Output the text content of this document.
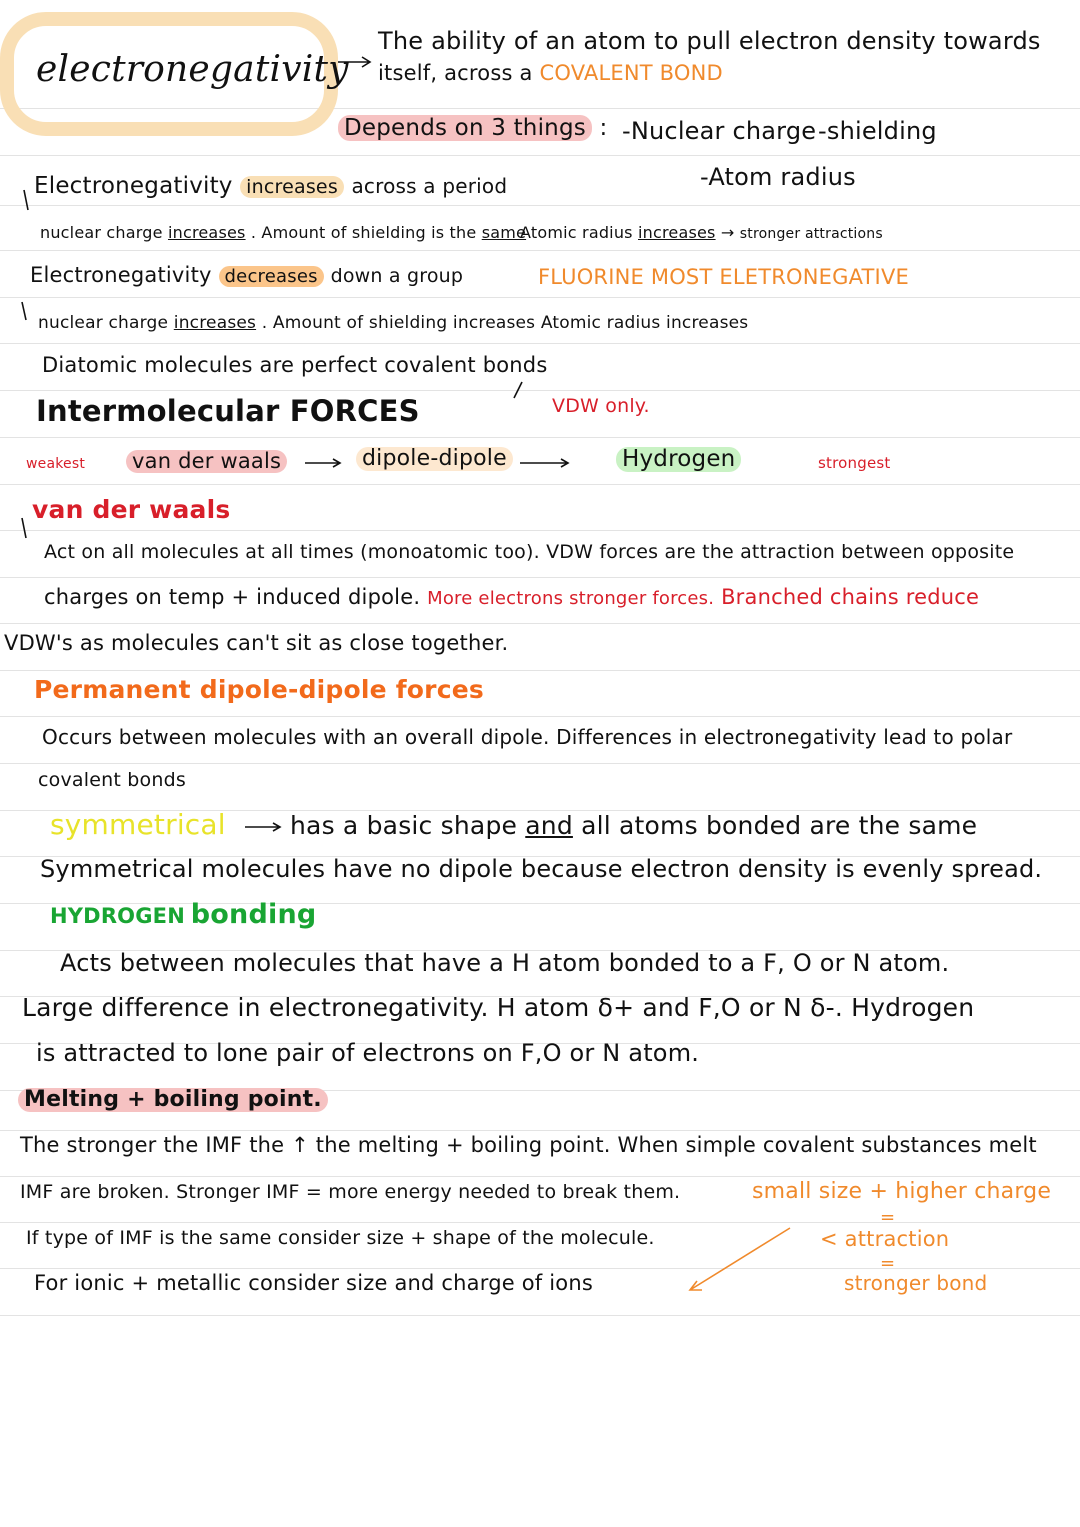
electronegativity
The ability of an atom to pull electron density towards
itself, across a COVALENT BOND
Depends on 3 things : -Nuclear charge -shielding
-Atom radius
Electronegativity increases across a period
nuclear charge increases . Amount of shielding is the same
Atomic radius increases → stronger attractions
Electronegativity decreases down a group	FLUORINE MOST ELETRONEGATIVE
nuclear charge increases . Amount of shielding increases Atomic radius increases
Diatomic molecules are perfect covalent bonds
VDW only.
Intermolecular FORCES
weakest van der waals	dipole-dipole	Hydrogen	strongest
van der waals
Act on all molecules at all times (monoatomic too). VDW forces are the attraction between opposite
charges on temp + induced dipole. More electrons stronger forces. Branched chains reduce
VDW's as molecules can't sit as close together.
Permanent dipole-dipole forces
Occurs between molecules with an overall dipole. Differences in electronegativity lead to polar
covalent bonds
symmetrical	has a basic shape and all atoms bonded are the same
Symmetrical molecules have no dipole because electron density is evenly spread.
HYDROGEN bonding
Acts between molecules that have a H atom bonded to a F, O or N atom.
Large difference in electronegativity. H atom δ+ and F,O or N δ-. Hydrogen
is attracted to lone pair of electrons on F,O or N atom.
Melting + boiling point.
The stronger the IMF the ↑ the melting + boiling point. When simple covalent substances melt
IMF are broken. Stronger IMF = more energy needed to break them.
If type of IMF is the same consider size + shape of the molecule.
For ionic + metallic consider size and charge of ions
small size + higher charge
=
< attraction
=
stronger bond
